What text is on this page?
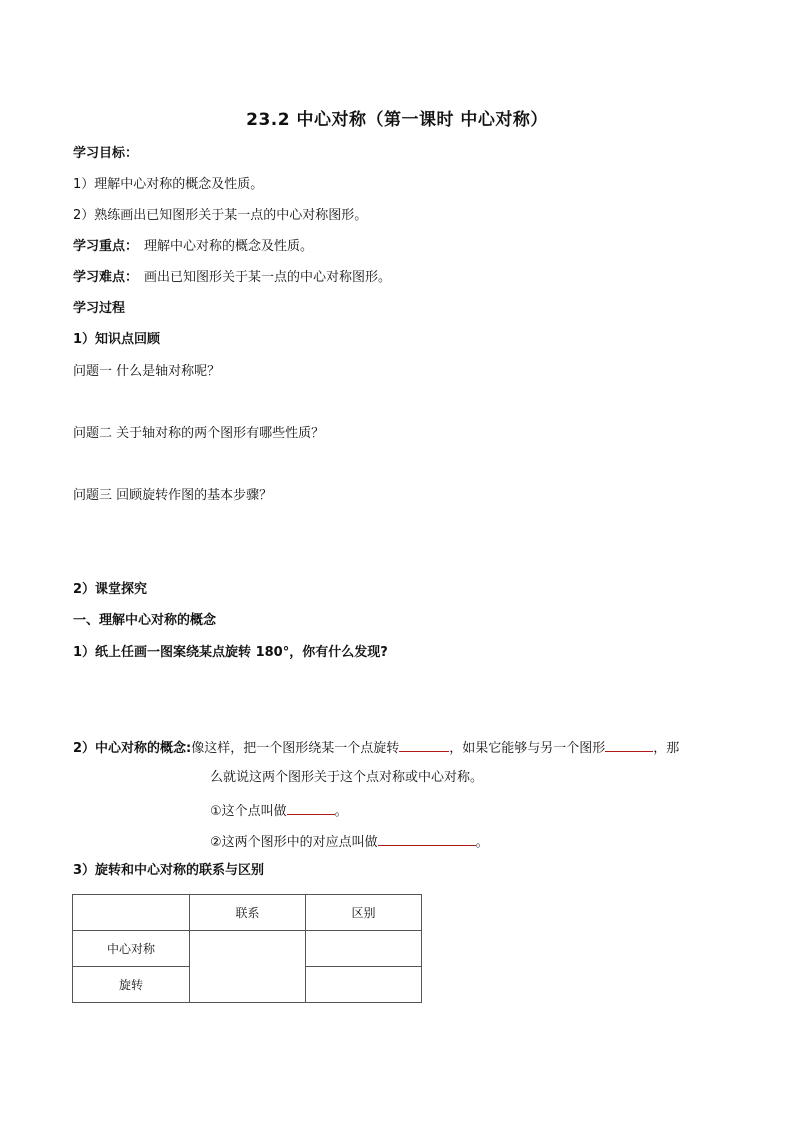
23.2 中心对称（第一课时 中心对称）
学习目标：
1）理解中心对称的概念及性质。
2）熟练画出已知图形关于某一点的中心对称图形。
学习重点： 理解中心对称的概念及性质。
学习难点： 画出已知图形关于某一点的中心对称图形。
学习过程
1）知识点回顾
问题一 什么是轴对称呢？
问题二 关于轴对称的两个图形有哪些性质？
问题三 回顾旋转作图的基本步骤？
2）课堂探究
一、理解中心对称的概念
1）纸上任画一图案绕某点旋转 180°，你有什么发现?
2）中心对称的概念:像这样，把一个图形绕某一个点旋转	，如果它能够与另一个图形	，那
么就说这两个图形关于这个点对称或中心对称。
①这个点叫做	。
②这两个图形中的对应点叫做	。
3）旋转和中心对称的联系与区别
	联系	区别
中心对称		
旋转		
